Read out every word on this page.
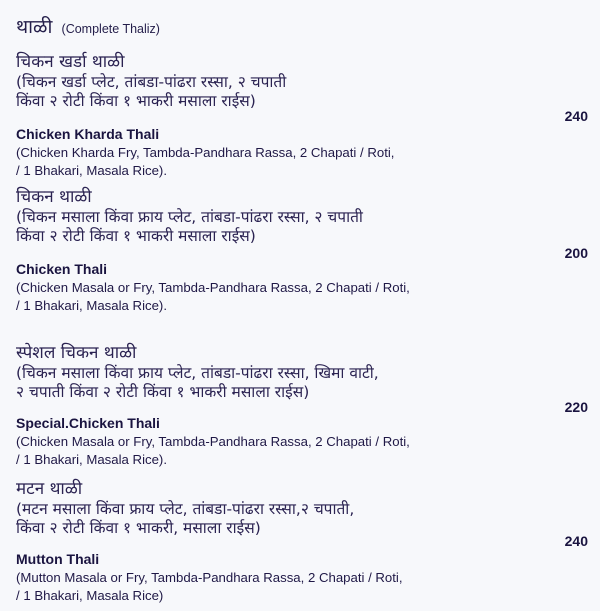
थाळी (Complete Thaliz)
चिकन खर्डा थाळी
(चिकन खर्डा प्लेट, तांबडा-पांढरा रस्सा, २ चपाती
किंवा २ रोटी किंवा १ भाकरी मसाला राईस)
240
Chicken Kharda Thali
(Chicken Kharda Fry, Tambda-Pandhara Rassa, 2 Chapati / Roti,
/ 1 Bhakari, Masala Rice).
चिकन थाळी
(चिकन मसाला किंवा फ्राय प्लेट, तांबडा-पांढरा रस्सा, २ चपाती
किंवा २ रोटी किंवा १ भाकरी मसाला राईस)
200
Chicken Thali
(Chicken Masala or Fry, Tambda-Pandhara Rassa, 2 Chapati / Roti,
/ 1 Bhakari, Masala Rice).
स्पेशल चिकन थाळी
(चिकन मसाला किंवा फ्राय प्लेट, तांबडा-पांढरा रस्सा, खिमा वाटी,
२ चपाती किंवा २ रोटी किंवा १ भाकरी मसाला राईस)
220
Special.Chicken Thali
(Chicken Masala or Fry, Tambda-Pandhara Rassa, 2 Chapati / Roti,
/ 1 Bhakari, Masala Rice).
मटन थाळी
(मटन मसाला किंवा फ्राय प्लेट, तांबडा-पांढरा रस्सा,२ चपाती,
किंवा २ रोटी किंवा १ भाकरी, मसाला राईस)
240
Mutton Thali
(Mutton Masala or Fry, Tambda-Pandhara Rassa, 2 Chapati / Roti,
/ 1 Bhakari, Masala Rice)
